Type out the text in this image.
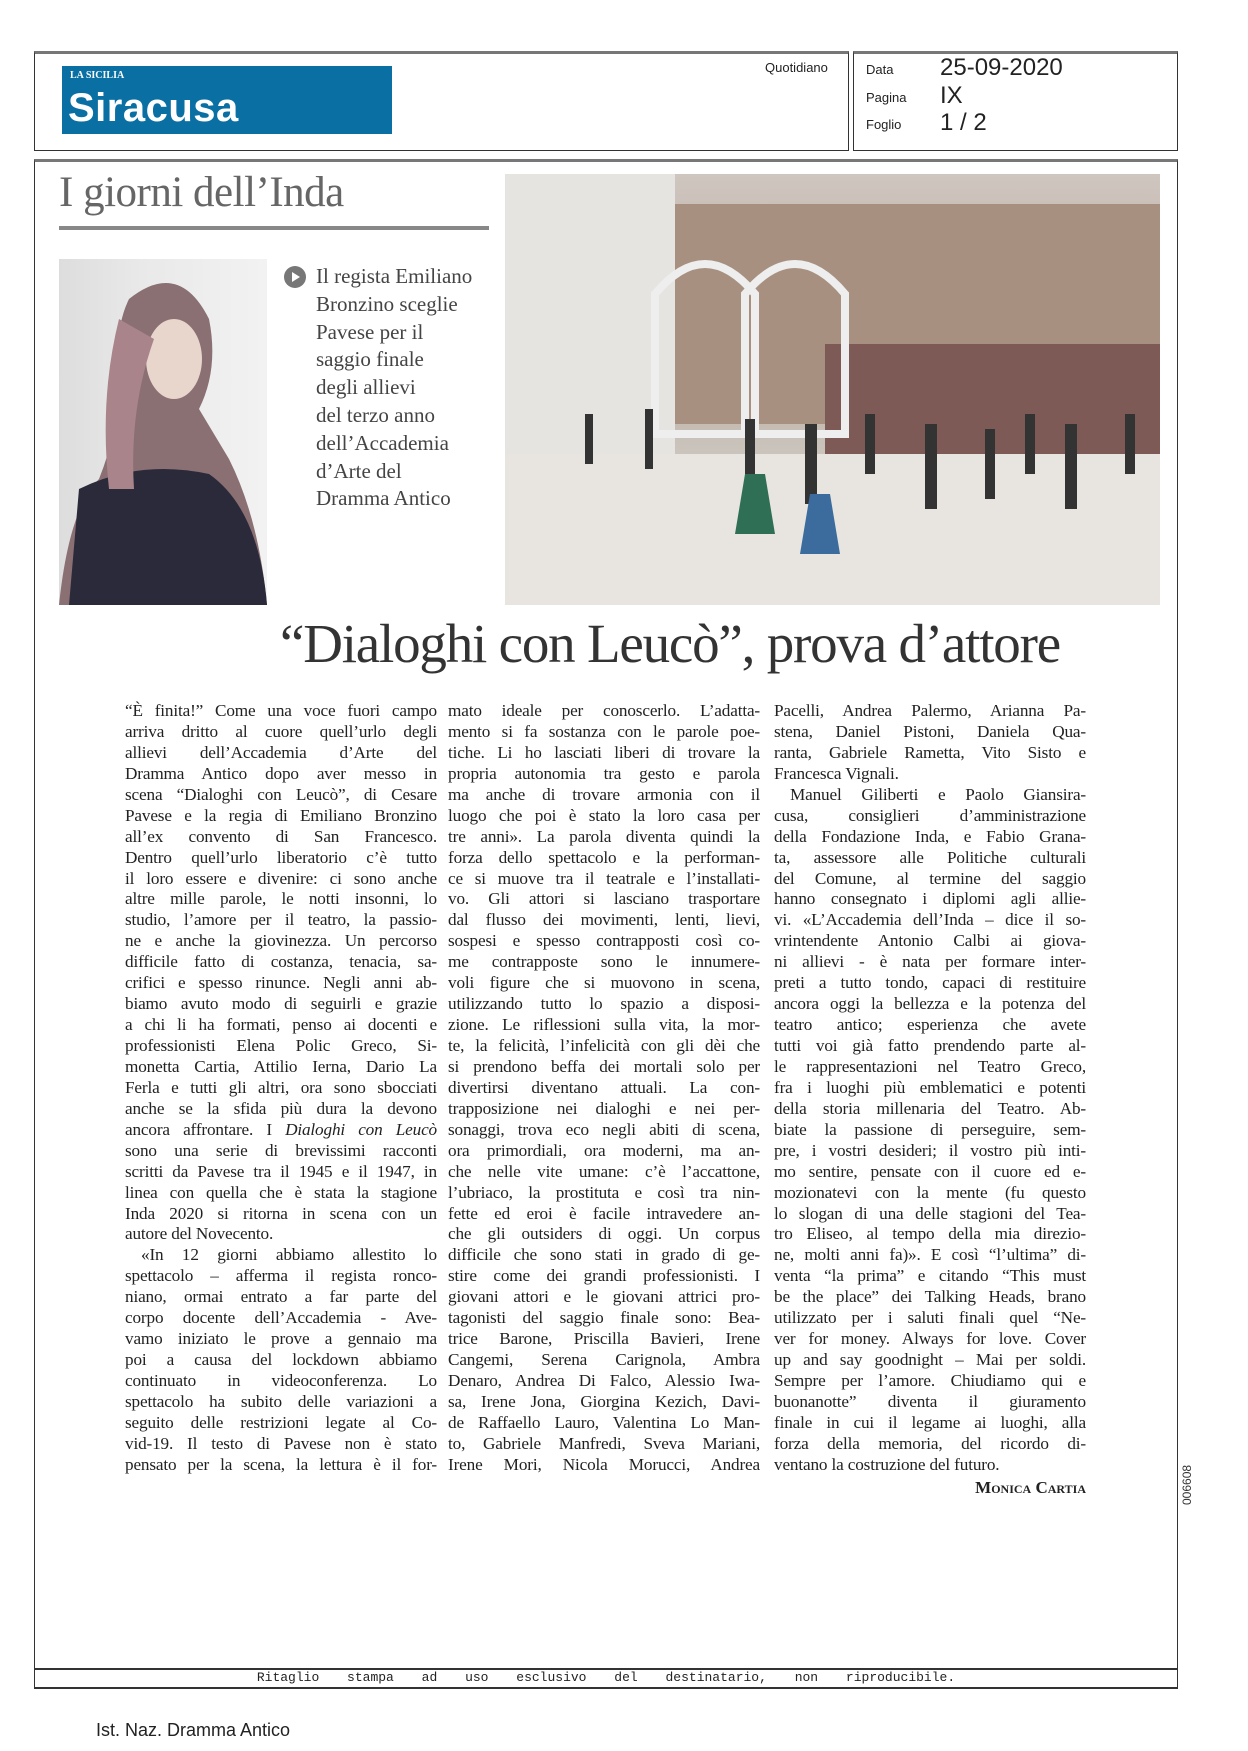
LA SICILIA
Siracusa
Quotidiano	Data 25-09-2020
Pagina IX
Foglio 1 / 2
I giorni dell’Inda
Il regista Emiliano
Bronzino sceglie
Pavese per il
saggio finale
degli allievi
del terzo anno
dell’Accademia
d’Arte del
Dramma Antico
“Dialoghi con Leucò”, prova d’attore
“È finita!” Come una voce fuori campo
arriva dritto al cuore quell’urlo degli
allievi dell’Accademia d’Arte del
Dramma Antico dopo aver messo in
scena “Dialoghi con Leucò”, di Cesare
Pavese e la regia di Emiliano Bronzino
all’ex convento di San Francesco.
Dentro quell’urlo liberatorio c’è tutto
il loro essere e divenire: ci sono anche
altre mille parole, le notti insonni, lo
studio, l’amore per il teatro, la passio-
ne e anche la giovinezza. Un percorso
difficile fatto di costanza, tenacia, sa-
crifici e spesso rinunce. Negli anni ab-
biamo avuto modo di seguirli e grazie
a chi li ha formati, penso ai docenti e
professionisti Elena Polic Greco, Si-
monetta Cartia, Attilio Ierna, Dario La
Ferla e tutti gli altri, ora sono sbocciati
anche se la sfida più dura la devono
ancora affrontare. I Dialoghi con Leucò
sono una serie di brevissimi racconti
scritti da Pavese tra il 1945 e il 1947, in
linea con quella che è stata la stagione
Inda 2020 si ritorna in scena con un
autore del Novecento.
«In 12 giorni abbiamo allestito lo
spettacolo – afferma il regista ronco-
niano, ormai entrato a far parte del
corpo docente dell’Accademia - Ave-
vamo iniziato le prove a gennaio ma
poi a causa del lockdown abbiamo
continuato in videoconferenza. Lo
spettacolo ha subito delle variazioni a
seguito delle restrizioni legate al Co-
vid-19. Il testo di Pavese non è stato
pensato per la scena, la lettura è il for-
mato ideale per conoscerlo. L’adatta-
mento si fa sostanza con le parole poe-
tiche. Li ho lasciati liberi di trovare la
propria autonomia tra gesto e parola
ma anche di trovare armonia con il
luogo che poi è stato la loro casa per
tre anni». La parola diventa quindi la
forza dello spettacolo e la performan-
ce si muove tra il teatrale e l’installati-
vo. Gli attori si lasciano trasportare
dal flusso dei movimenti, lenti, lievi,
sospesi e spesso contrapposti così co-
me contrapposte sono le innumere-
voli figure che si muovono in scena,
utilizzando tutto lo spazio a disposi-
zione. Le riflessioni sulla vita, la mor-
te, la felicità, l’infelicità con gli dèi che
si prendono beffa dei mortali solo per
divertirsi diventano attuali. La con-
trapposizione nei dialoghi e nei per-
sonaggi, trova eco negli abiti di scena,
ora primordiali, ora moderni, ma an-
che nelle vite umane: c’è l’accattone,
l’ubriaco, la prostituta e così tra nin-
fette ed eroi è facile intravedere an-
che gli outsiders di oggi. Un corpus
difficile che sono stati in grado di ge-
stire come dei grandi professionisti. I
giovani attori e le giovani attrici pro-
tagonisti del saggio finale sono: Bea-
trice Barone, Priscilla Bavieri, Irene
Cangemi, Serena Carignola, Ambra
Denaro, Andrea Di Falco, Alessio Iwa-
sa, Irene Jona, Giorgina Kezich, Davi-
de Raffaello Lauro, Valentina Lo Man-
to, Gabriele Manfredi, Sveva Mariani,
Irene Mori, Nicola Morucci, Andrea
Pacelli, Andrea Palermo, Arianna Pa-
stena, Daniel Pistoni, Daniela Qua-
ranta, Gabriele Rametta, Vito Sisto e
Francesca Vignali.
Manuel Giliberti e Paolo Giansira-
cusa, consiglieri d’amministrazione
della Fondazione Inda, e Fabio Grana-
ta, assessore alle Politiche culturali
del Comune, al termine del saggio
hanno consegnato i diplomi agli allie-
vi. «L’Accademia dell’Inda – dice il so-
vrintendente Antonio Calbi ai giova-
ni allievi - è nata per formare inter-
preti a tutto tondo, capaci di restituire
ancora oggi la bellezza e la potenza del
teatro antico; esperienza che avete
tutti voi già fatto prendendo parte al-
le rappresentazioni nel Teatro Greco,
fra i luoghi più emblematici e potenti
della storia millenaria del Teatro. Ab-
biate la passione di perseguire, sem-
pre, i vostri desideri; il vostro più inti-
mo sentire, pensate con il cuore ed e-
mozionatevi con la mente (fu questo
lo slogan di una delle stagioni del Tea-
tro Eliseo, al tempo della mia direzio-
ne, molti anni fa)». E così “l’ultima” di-
venta “la prima” e citando “This must
be the place” dei Talking Heads, brano
utilizzato per i saluti finali quel “Ne-
ver for money. Always for love. Cover
up and say goodnight – Mai per soldi.
Sempre per l’amore. Chiudiamo qui e
buonanotte” diventa il giuramento
finale in cui il legame ai luoghi, alla
forza della memoria, del ricordo di-
ventano la costruzione del futuro.
Monica Cartia	006608
Ritaglio stampa ad uso esclusivo del destinatario, non riproducibile.
Ist. Naz. Dramma Antico
